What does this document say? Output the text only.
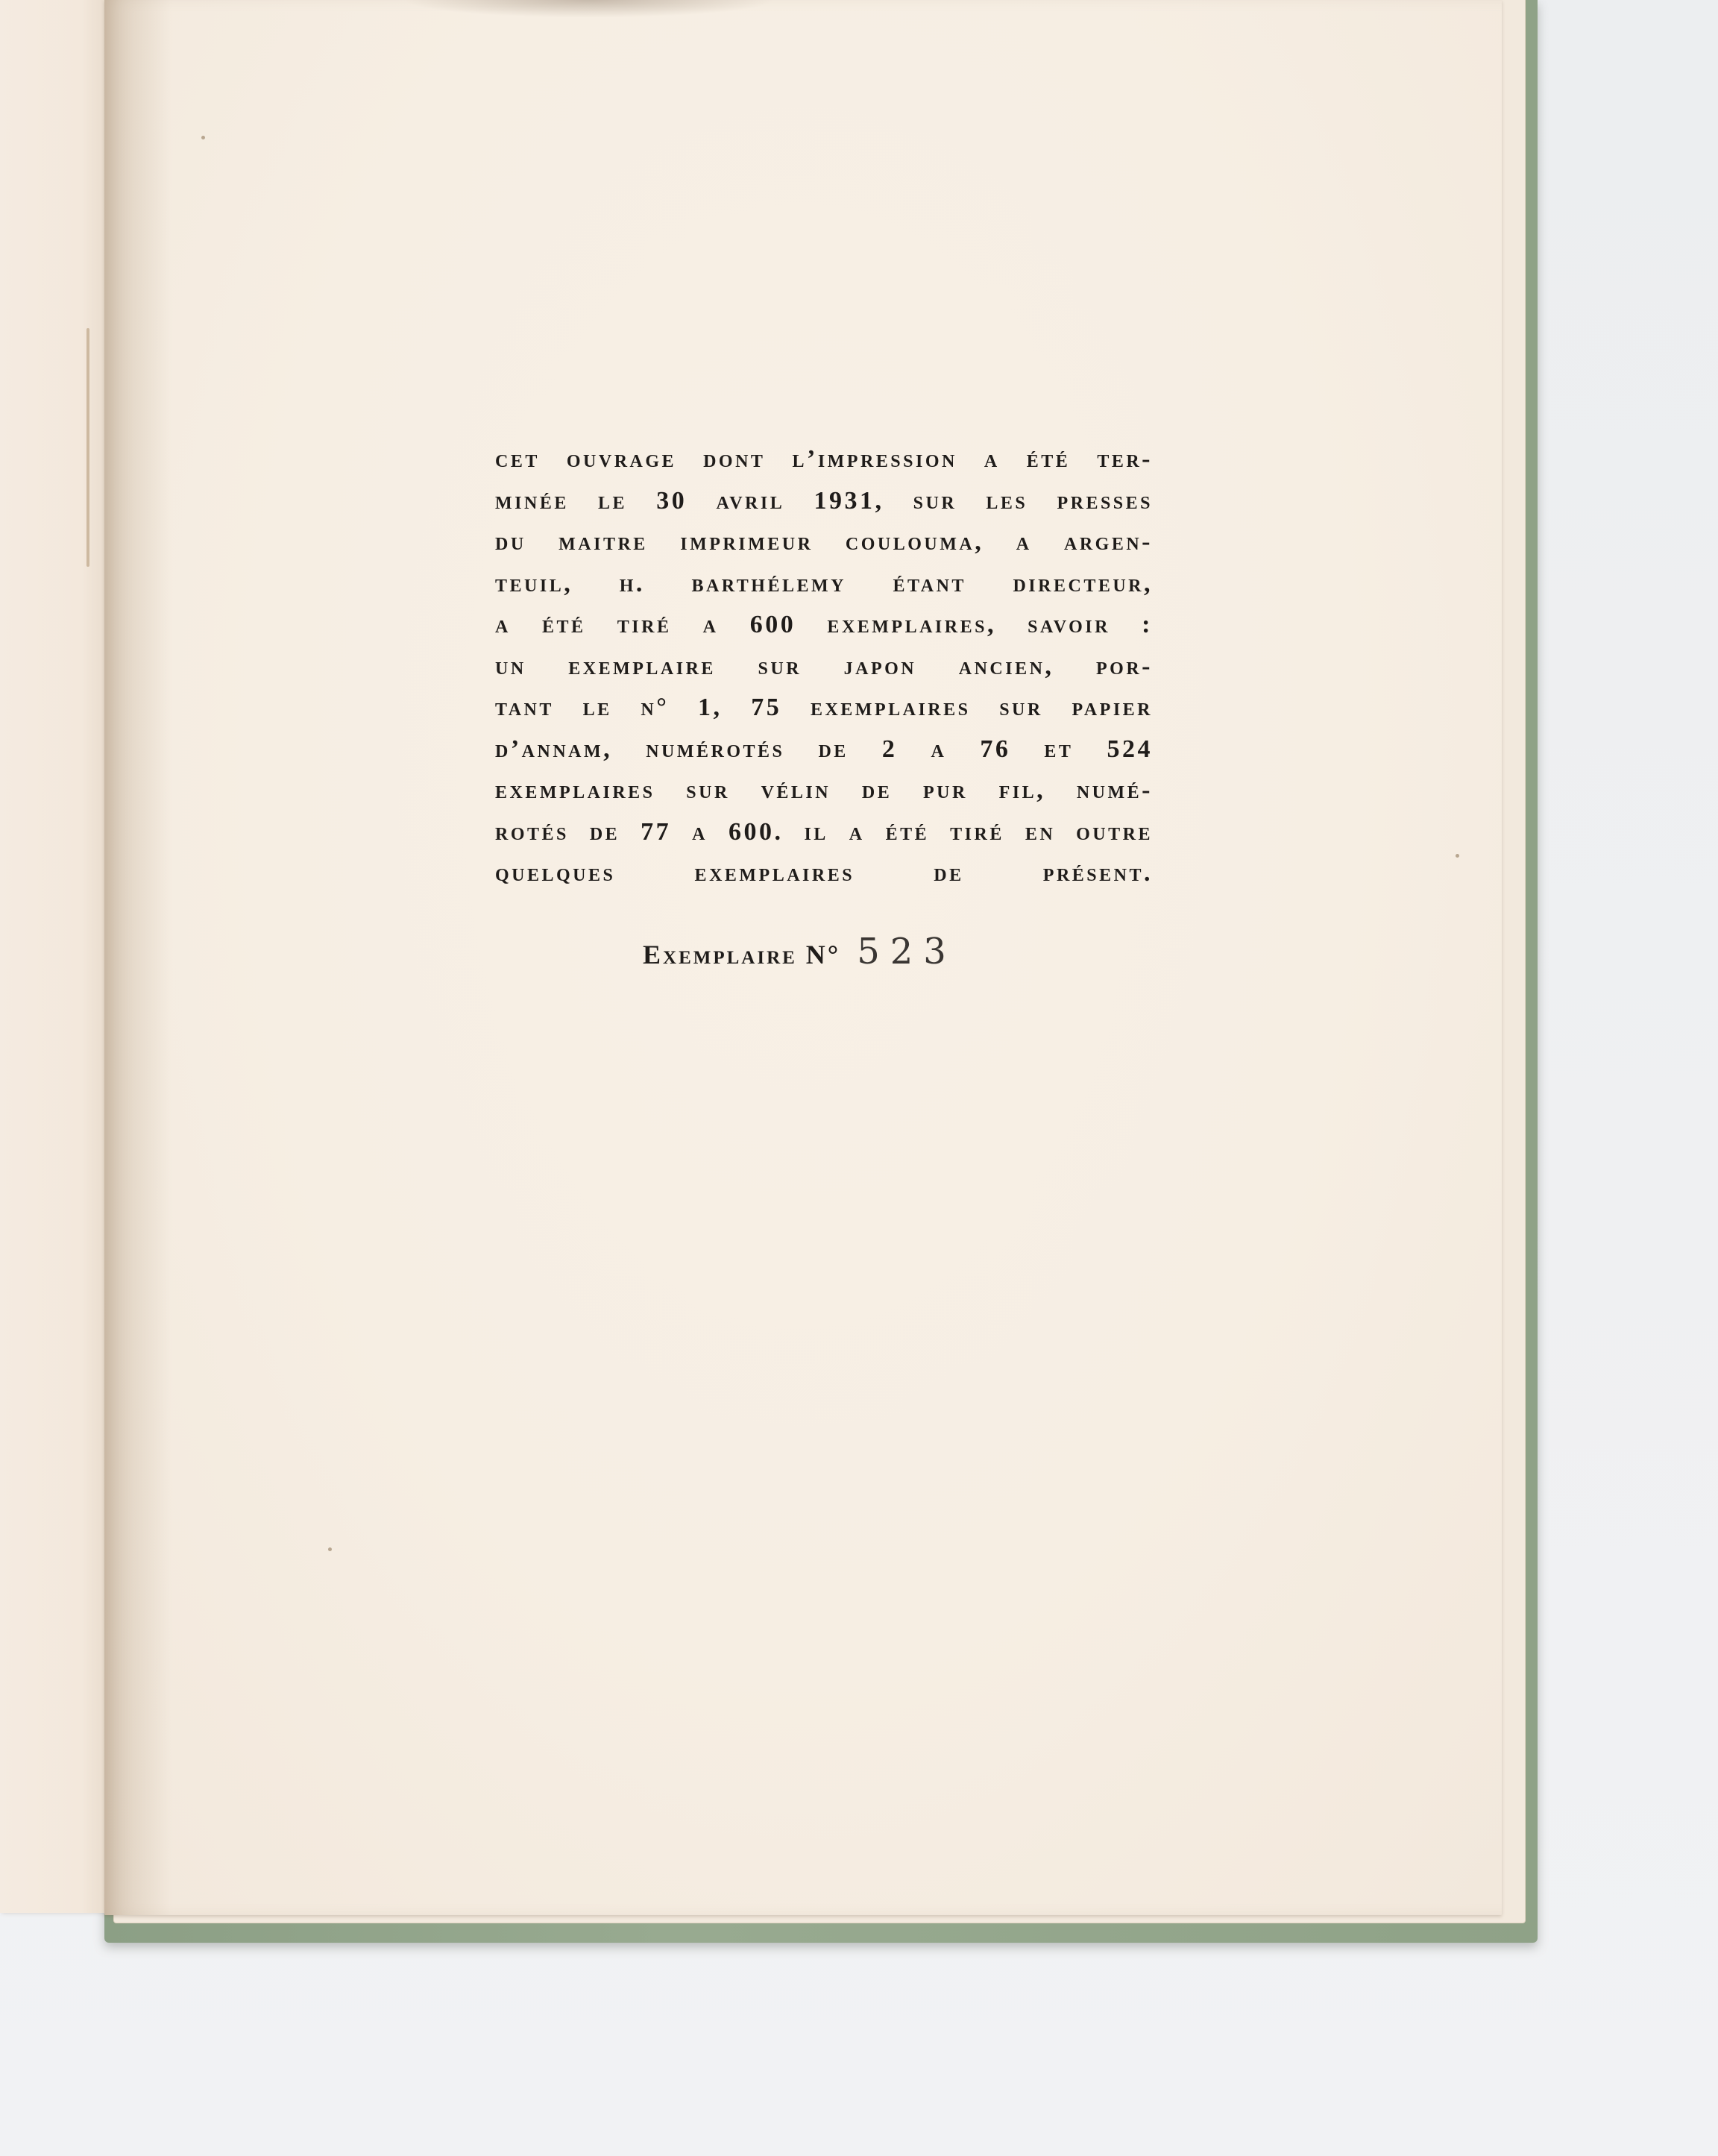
cet ouvrage dont l’impression a été ter-
minée le 30 avril 1931, sur les presses
du maitre imprimeur coulouma, a argen-
teuil, h. barthélemy étant directeur,
a été tiré a 600 exemplaires, savoir :
un exemplaire sur japon ancien, por-
tant le n° 1, 75 exemplaires sur papier
d’annam, numérotés de 2 a 76 et 524
exemplaires sur vélin de pur fil, numé-
rotés de 77 a 600. il a été tiré en outre
quelques exemplaires de présent.
Exemplaire N° 523
